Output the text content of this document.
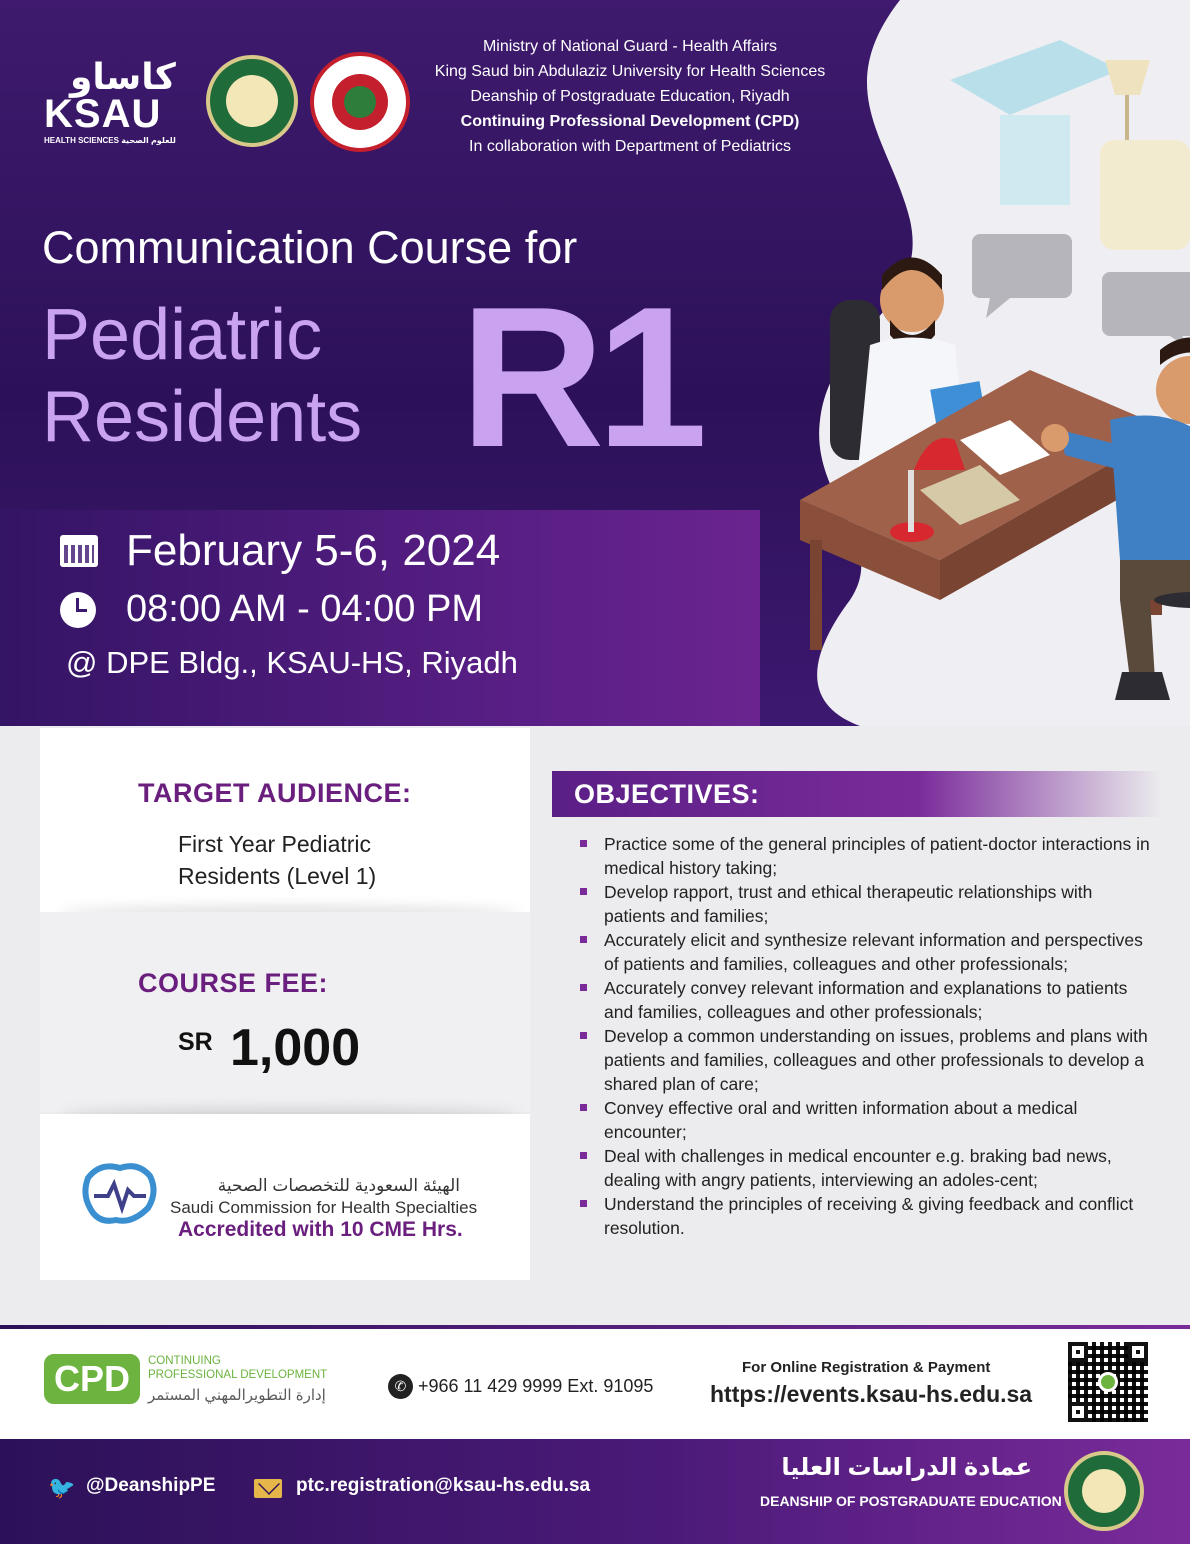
كاساو
KSAU
HEALTH SCIENCES للعلوم الصحية
Ministry of National Guard - Health Affairs
King Saud bin Abdulaziz University for Health Sciences
Deanship of Postgraduate Education, Riyadh
Continuing Professional Development (CPD)
In collaboration with Department of Pediatrics
Communication Course for
Pediatric
Residents R1
February 5-6, 2024
08:00 AM - 04:00 PM
@ DPE Bldg., KSAU-HS, Riyadh
TARGET AUDIENCE:
First Year Pediatric
Residents (Level 1)
COURSE FEE:
SR 1,000
الهيئة السعودية للتخصصات الصحية
Saudi Commission for Health Specialties
Accredited with 10 CME Hrs.
OBJECTIVES:
Practice some of the general principles of patient-doctor interactions in medical history taking;
Develop rapport, trust and ethical therapeutic relationships with patients and families;
Accurately elicit and synthesize relevant information and perspectives of patients and families, colleagues and other professionals;
Accurately convey relevant information and explanations to patients and families, colleagues and other professionals;
Develop a common understanding on issues, problems and plans with patients and families, colleagues and other professionals to develop a shared plan of care;
Convey effective oral and written information about a medical encounter;
Deal with challenges in medical encounter e.g. braking bad news, dealing with angry patients, interviewing an adoles-cent;
Understand the principles of receiving & giving feedback and conflict resolution.
CPD	CONTINUING
PROFESSIONAL DEVELOPMENT
إدارة التطويرالمهني المستمر
✆ +966 11 429 9999 Ext. 91095
For Online Registration & Payment
https://events.ksau-hs.edu.sa
🐦 @DeanshipPE	ptc.registration@ksau-hs.edu.sa
عمادة الدراسات العليا
DEANSHIP OF POSTGRADUATE EDUCATION
